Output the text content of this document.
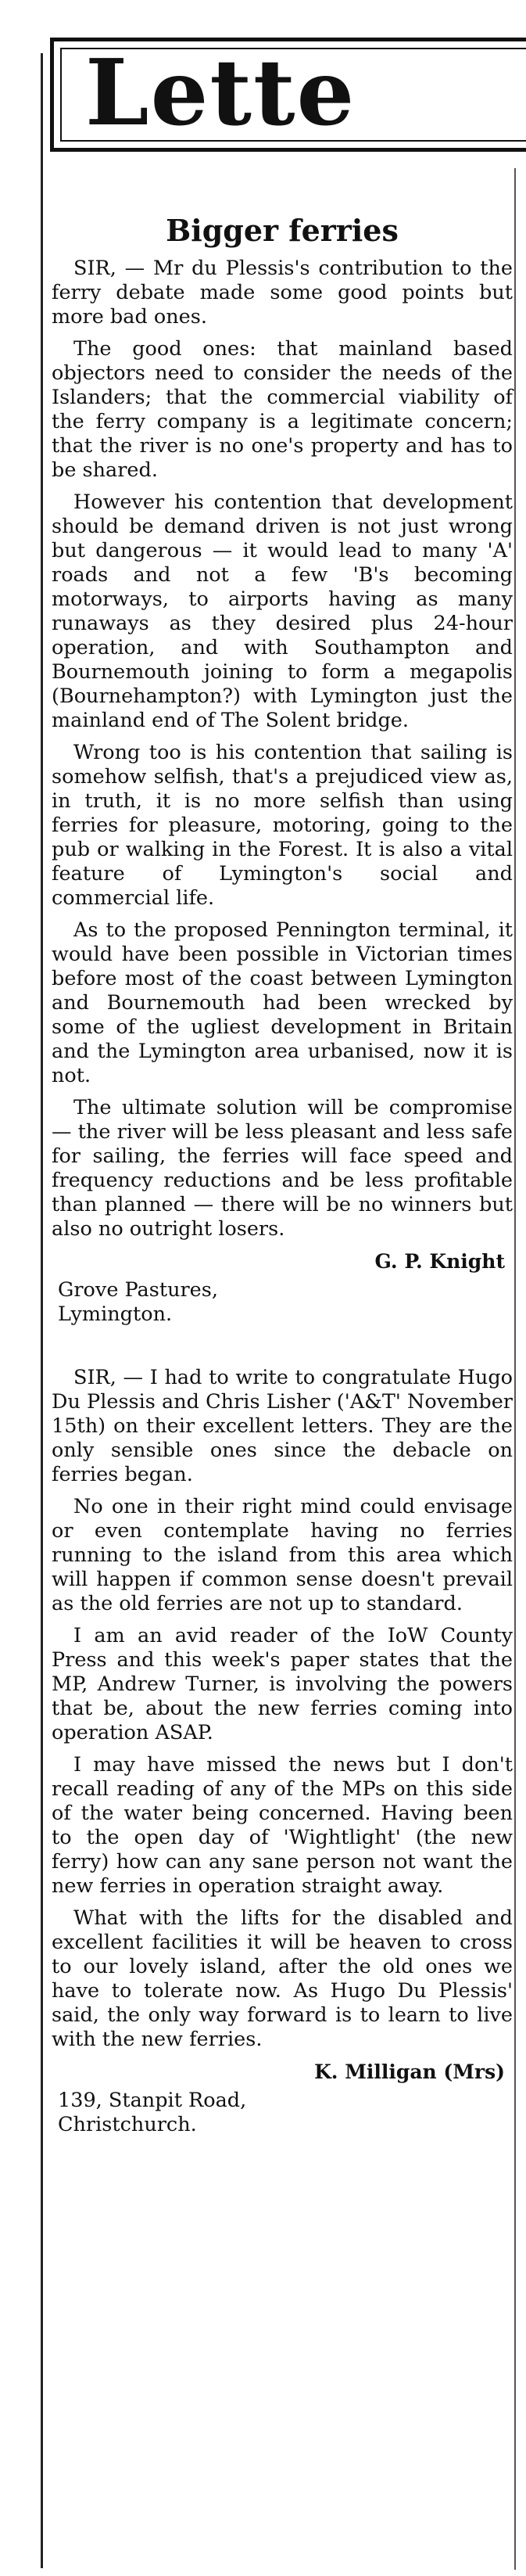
Lette
Bigger ferries

SIR, — Mr du Plessis's contribution to the ferry debate made some good points but more bad ones.

The good ones: that mainland based objectors need to consider the needs of the Islanders; that the commercial viability of the ferry company is a legitimate concern; that the river is no one's property and has to be shared.

However his contention that development should be demand driven is not just wrong but dangerous — it would lead to many 'A' roads and not a few 'B's becoming motorways, to airports having as many runaways as they desired plus 24-hour operation, and with Southampton and Bournemouth joining to form a megapolis (Bournehampton?) with Lymington just the mainland end of The Solent bridge.

Wrong too is his contention that sailing is somehow selfish, that's a prejudiced view as, in truth, it is no more selfish than using ferries for pleasure, motoring, going to the pub or walking in the Forest. It is also a vital feature of Lymington's social and commercial life.

As to the proposed Pennington terminal, it would have been possible in Victorian times before most of the coast between Lymington and Bournemouth had been wrecked by some of the ugliest development in Britain and the Lymington area urbanised, now it is not.

The ultimate solution will be compromise — the river will be less pleasant and less safe for sailing, the ferries will face speed and frequency reductions and be less profitable than planned — there will be no winners but also no outright losers.

G. P. Knight
Grove Pastures,
Lymington.

SIR, — I had to write to congratulate Hugo Du Plessis and Chris Lisher ('A&T' November 15th) on their excellent letters. They are the only sensible ones since the debacle on ferries began.

No one in their right mind could envisage or even contemplate having no ferries running to the island from this area which will happen if common sense doesn't prevail as the old ferries are not up to standard.

I am an avid reader of the IoW County Press and this week's paper states that the MP, Andrew Turner, is involving the powers that be, about the new ferries coming into operation ASAP.

I may have missed the news but I don't recall reading of any of the MPs on this side of the water being concerned. Having been to the open day of 'Wightlight' (the new ferry) how can any sane person not want the new ferries in operation straight away.

What with the lifts for the disabled and excellent facilities it will be heaven to cross to our lovely island, after the old ones we have to tolerate now. As Hugo Du Plessis' said, the only way forward is to learn to live with the new ferries.

K. Milligan (Mrs)
139, Stanpit Road,
Christchurch.
